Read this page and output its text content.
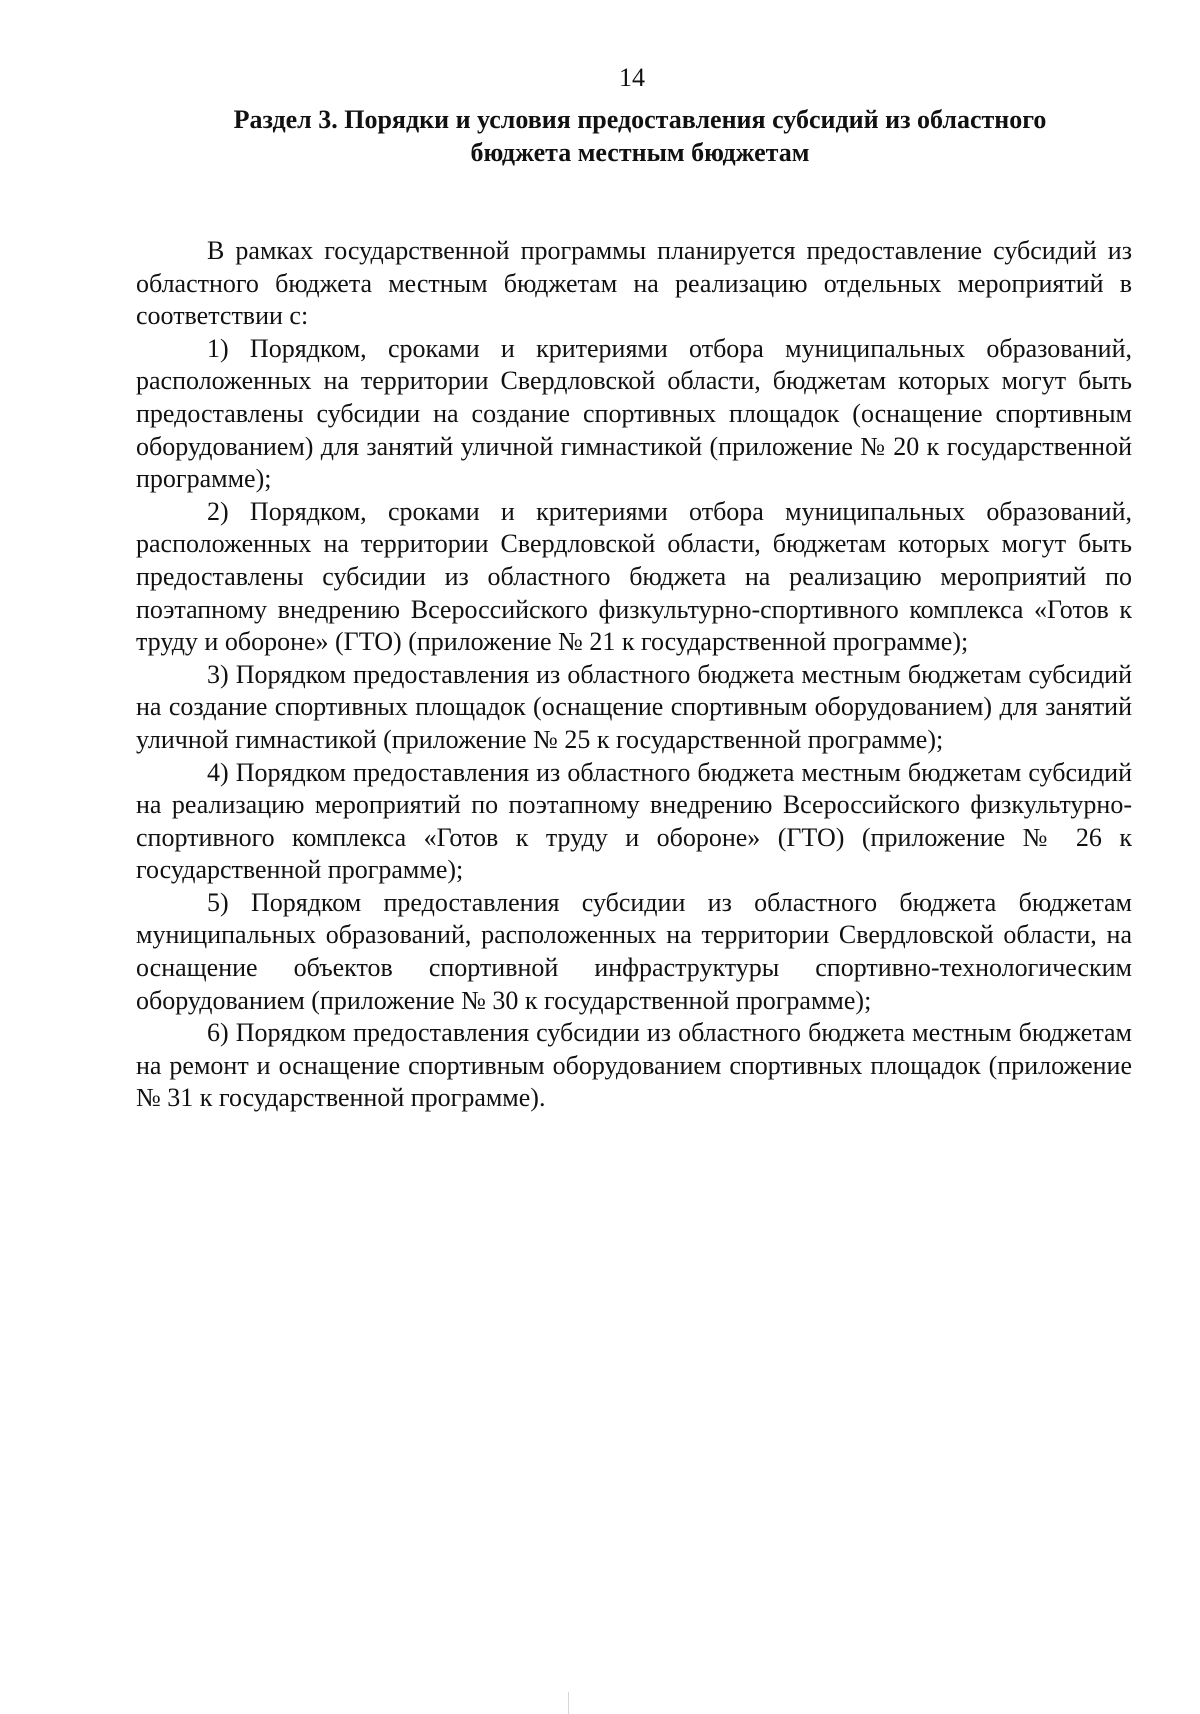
14
Раздел 3. Порядки и условия предоставления субсидий из областного
бюджета местным бюджетам

В рамках государственной программы планируется предоставление субсидий из областного бюджета местным бюджетам на реализацию отдельных мероприятий в соответствии с:

1) Порядком, сроками и критериями отбора муниципальных образований, расположенных на территории Свердловской области, бюджетам которых могут быть предоставлены субсидии на создание спортивных площадок (оснащение спортивным оборудованием) для занятий уличной гимнастикой (приложение № 20 к государственной программе);

2) Порядком, сроками и критериями отбора муниципальных образований, расположенных на территории Свердловской области, бюджетам которых могут быть предоставлены субсидии из областного бюджета на реализацию мероприятий по поэтапному внедрению Всероссийского физкультурно-спортивного комплекса «Готов к труду и обороне» (ГТО) (приложение № 21 к государственной программе);

3) Порядком предоставления из областного бюджета местным бюджетам субсидий на создание спортивных площадок (оснащение спортивным оборудованием) для занятий уличной гимнастикой (приложение № 25 к государственной программе);

4) Порядком предоставления из областного бюджета местным бюджетам субсидий на реализацию мероприятий по поэтапному внедрению Всероссийского физкультурно-спортивного комплекса «Готов к труду и обороне» (ГТО) (приложение № 26 к государственной программе);

5) Порядком предоставления субсидии из областного бюджета бюджетам муниципальных образований, расположенных на территории Свердловской области, на оснащение объектов спортивной инфраструктуры спортивно-технологическим оборудованием (приложение № 30 к государственной программе);

6) Порядком предоставления субсидии из областного бюджета местным бюджетам на ремонт и оснащение спортивным оборудованием спортивных площадок (приложение № 31 к государственной программе).
